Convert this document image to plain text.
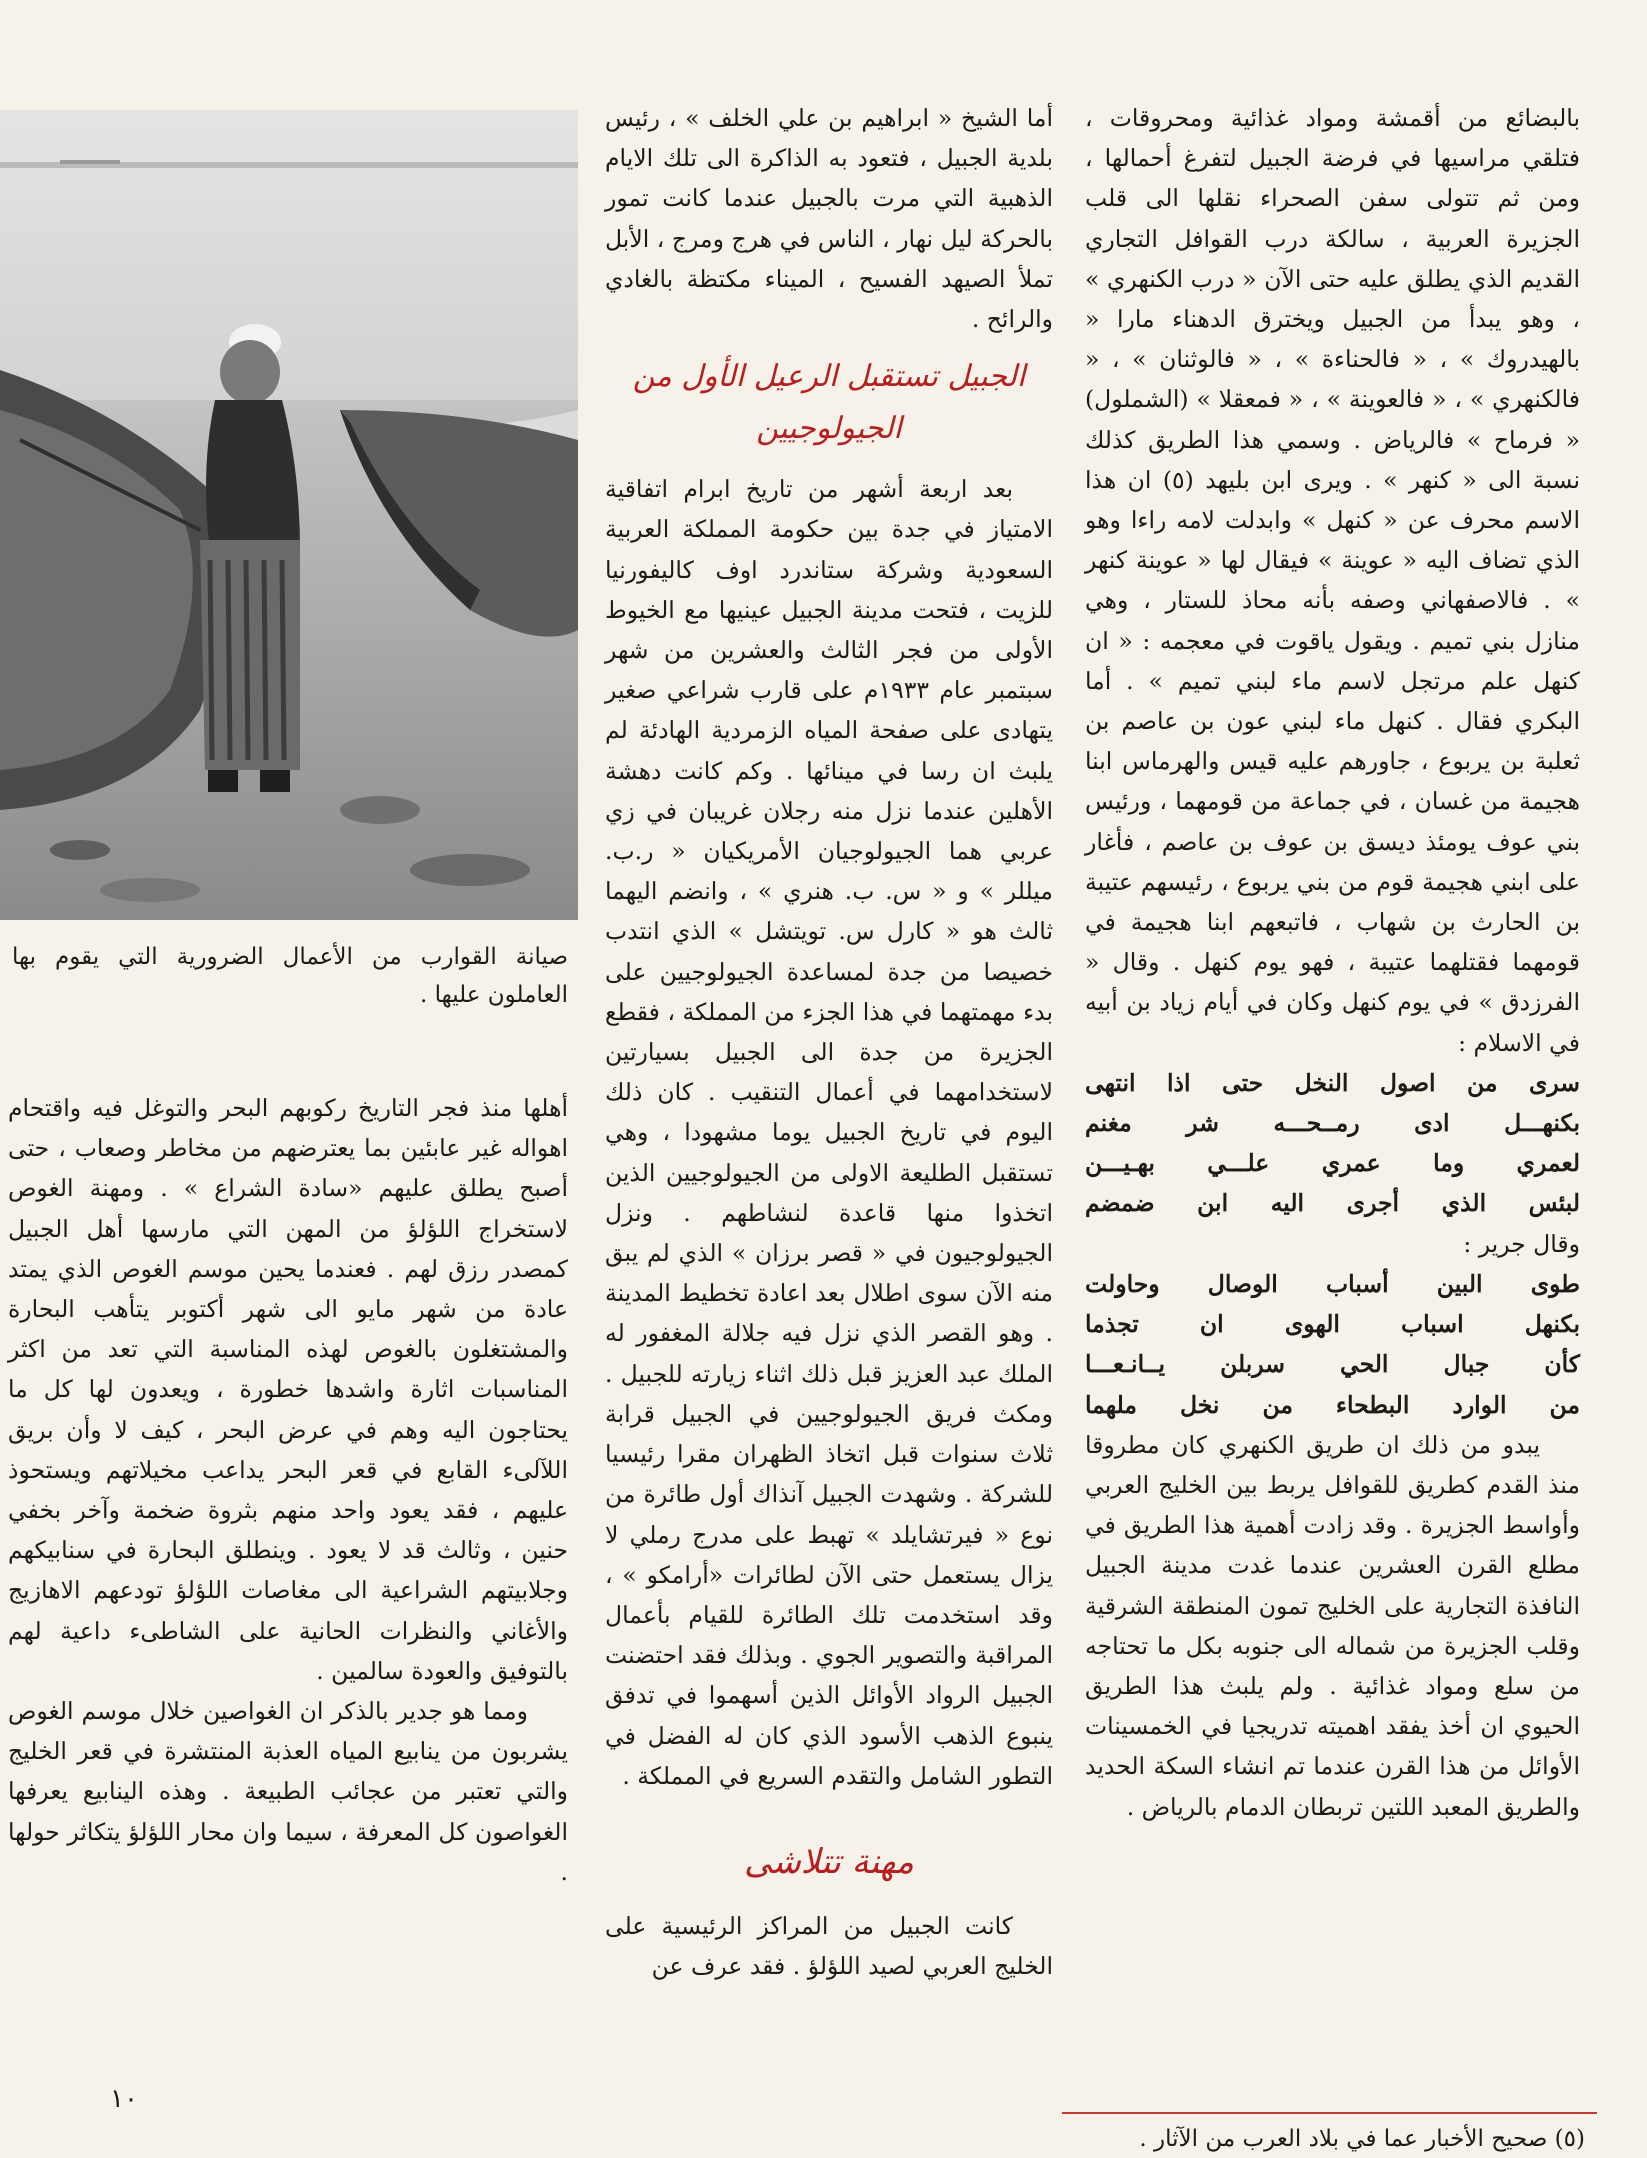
بالبضائع من أقمشة ومواد غذائية ومحروقات ، فتلقي مراسيها في فرضة الجبيل لتفرغ أحمالها ، ومن ثم تتولى سفن الصحراء نقلها الى قلب الجزيرة العربية ، سالكة درب القوافل التجاري القديم الذي يطلق عليه حتى الآن « درب الكنهري » ، وهو يبدأ من الجبيل ويخترق الدهناء مارا « بالهيدروك » ، « فالحناءة » ، « فالوثنان » ، « فالكنهري » ، « فالعوينة » ، « فمعقلا » (الشملول) « فرماح » فالرياض . وسمي هذا الطريق كذلك نسبة الى « كنهر » . ويرى ابن بليهد (٥) ان هذا الاسم محرف عن « كنهل » وابدلت لامه راءا وهو الذي تضاف اليه « عوينة » فيقال لها « عوينة كنهر » . فالاصفهاني وصفه بأنه محاذ للستار ، وهي منازل بني تميم . ويقول ياقوت في معجمه : « ان كنهل علم مرتجل لاسم ماء لبني تميم » . أما البكري فقال . كنهل ماء لبني عون بن عاصم بن ثعلبة بن يربوع ، جاورهم عليه قيس والهرماس ابنا هجيمة من غسان ، في جماعة من قومهما ، ورئيس بني عوف يومئذ ديسق بن عوف بن عاصم ، فأغار على ابني هجيمة قوم من بني يربوع ، رئيسهم عتيبة بن الحارث بن شهاب ، فاتبعهم ابنا هجيمة في قومهما فقتلهما عتيبة ، فهو يوم كنهل . وقال « الفرزدق » في يوم كنهل وكان في أيام زياد بن أبيه في الاسلام :

سرى من اصول النخل حتى اذا انتهى

بكنهـــل ادى رمــحـــه شر مغنم

لعمري وما عمري علـــي بهـيـــن

لبئس الذي أجرى اليه ابن ضمضم

وقال جرير :

طوى البين أسباب الوصال وحاولت

بكنهل اسباب الهوى ان تجذما

كأن جبال الحي سربلن يــانـعـــا

من الوارد البطحاء من نخل ملهما

يبدو من ذلك ان طريق الكنهري كان مطروقا منذ القدم كطريق للقوافل يربط بين الخليج العربي وأواسط الجزيرة . وقد زادت أهمية هذا الطريق في مطلع القرن العشرين عندما غدت مدينة الجبيل النافذة التجارية على الخليج تمون المنطقة الشرقية وقلب الجزيرة من شماله الى جنوبه بكل ما تحتاجه من سلع ومواد غذائية . ولم يلبث هذا الطريق الحيوي ان أخذ يفقد اهميته تدريجيا في الخمسينات الأوائل من هذا القرن عندما تم انشاء السكة الحديد والطريق المعبد اللتين تربطان الدمام بالرياض .

أما الشيخ « ابراهيم بن علي الخلف » ، رئيس بلدية الجبيل ، فتعود به الذاكرة الى تلك الايام الذهبية التي مرت بالجبيل عندما كانت تمور بالحركة ليل نهار ، الناس في هرج ومرج ، الأبل تملأ الصيهد الفسيح ، الميناء مكتظة بالغادي والرائح .

الجبيل تستقبل الرعيل الأول من الجيولوجيين

بعد اربعة أشهر من تاريخ ابرام اتفاقية الامتياز في جدة بين حكومة المملكة العربية السعودية وشركة ستاندرد اوف كاليفورنيا للزيت ، فتحت مدينة الجبيل عينيها مع الخيوط الأولى من فجر الثالث والعشرين من شهر سبتمبر عام ١٩٣٣م على قارب شراعي صغير يتهادى على صفحة المياه الزمردية الهادئة لم يلبث ان رسا في مينائها . وكم كانت دهشة الأهلين عندما نزل منه رجلان غريبان في زي عربي هما الجيولوجيان الأمريكيان « ر.ب. ميللر » و « س. ب. هنري » ، وانضم اليهما ثالث هو « كارل س. تويتشل » الذي انتدب خصيصا من جدة لمساعدة الجيولوجيين على بدء مهمتهما في هذا الجزء من المملكة ، فقطع الجزيرة من جدة الى الجبيل بسيارتين لاستخدامهما في أعمال التنقيب . كان ذلك اليوم في تاريخ الجبيل يوما مشهودا ، وهي تستقبل الطليعة الاولى من الجيولوجيين الذين اتخذوا منها قاعدة لنشاطهم . ونزل الجيولوجيون في « قصر برزان » الذي لم يبق منه الآن سوى اطلال بعد اعادة تخطيط المدينة . وهو القصر الذي نزل فيه جلالة المغفور له الملك عبد العزيز قبل ذلك اثناء زيارته للجبيل . ومكث فريق الجيولوجيين في الجبيل قرابة ثلاث سنوات قبل اتخاذ الظهران مقرا رئيسيا للشركة . وشهدت الجبيل آنذاك أول طائرة من نوع « فيرتشايلد » تهبط على مدرج رملي لا يزال يستعمل حتى الآن لطائرات «أرامكو » ، وقد استخدمت تلك الطائرة للقيام بأعمال المراقبة والتصوير الجوي . وبذلك فقد احتضنت الجبيل الرواد الأوائل الذين أسهموا في تدفق ينبوع الذهب الأسود الذي كان له الفضل في التطور الشامل والتقدم السريع في المملكة .

مهنة تتلاشى

كانت الجبيل من المراكز الرئيسية على الخليج العربي لصيد اللؤلؤ . فقد عرف عن

صيانة القوارب من الأعمال الضرورية التي يقوم بها العاملون عليها .

أهلها منذ فجر التاريخ ركوبهم البحر والتوغل فيه واقتحام اهواله غير عابئين بما يعترضهم من مخاطر وصعاب ، حتى أصبح يطلق عليهم «سادة الشراع » . ومهنة الغوص لاستخراج اللؤلؤ من المهن التي مارسها أهل الجبيل كمصدر رزق لهم . فعندما يحين موسم الغوص الذي يمتد عادة من شهر مايو الى شهر أكتوبر يتأهب البحارة والمشتغلون بالغوص لهذه المناسبة التي تعد من اكثر المناسبات اثارة واشدها خطورة ، ويعدون لها كل ما يحتاجون اليه وهم في عرض البحر ، كيف لا وأن بريق اللآلىء القابع في قعر البحر يداعب مخيلاتهم ويستحوذ عليهم ، فقد يعود واحد منهم بثروة ضخمة وآخر بخفي حنين ، وثالث قد لا يعود . وينطلق البحارة في سنابيكهم وجلابيتهم الشراعية الى مغاصات اللؤلؤ تودعهم الاهازيج والأغاني والنظرات الحانية على الشاطىء داعية لهم بالتوفيق والعودة سالمين .

ومما هو جدير بالذكر ان الغواصين خلال موسم الغوص يشربون من ينابيع المياه العذبة المنتشرة في قعر الخليج والتي تعتبر من عجائب الطبيعة . وهذه الينابيع يعرفها الغواصون كل المعرفة ، سيما وان محار اللؤلؤ يتكاثر حولها .

(٥) صحيح الأخبار عما في بلاد العرب من الآثار .
١٠
